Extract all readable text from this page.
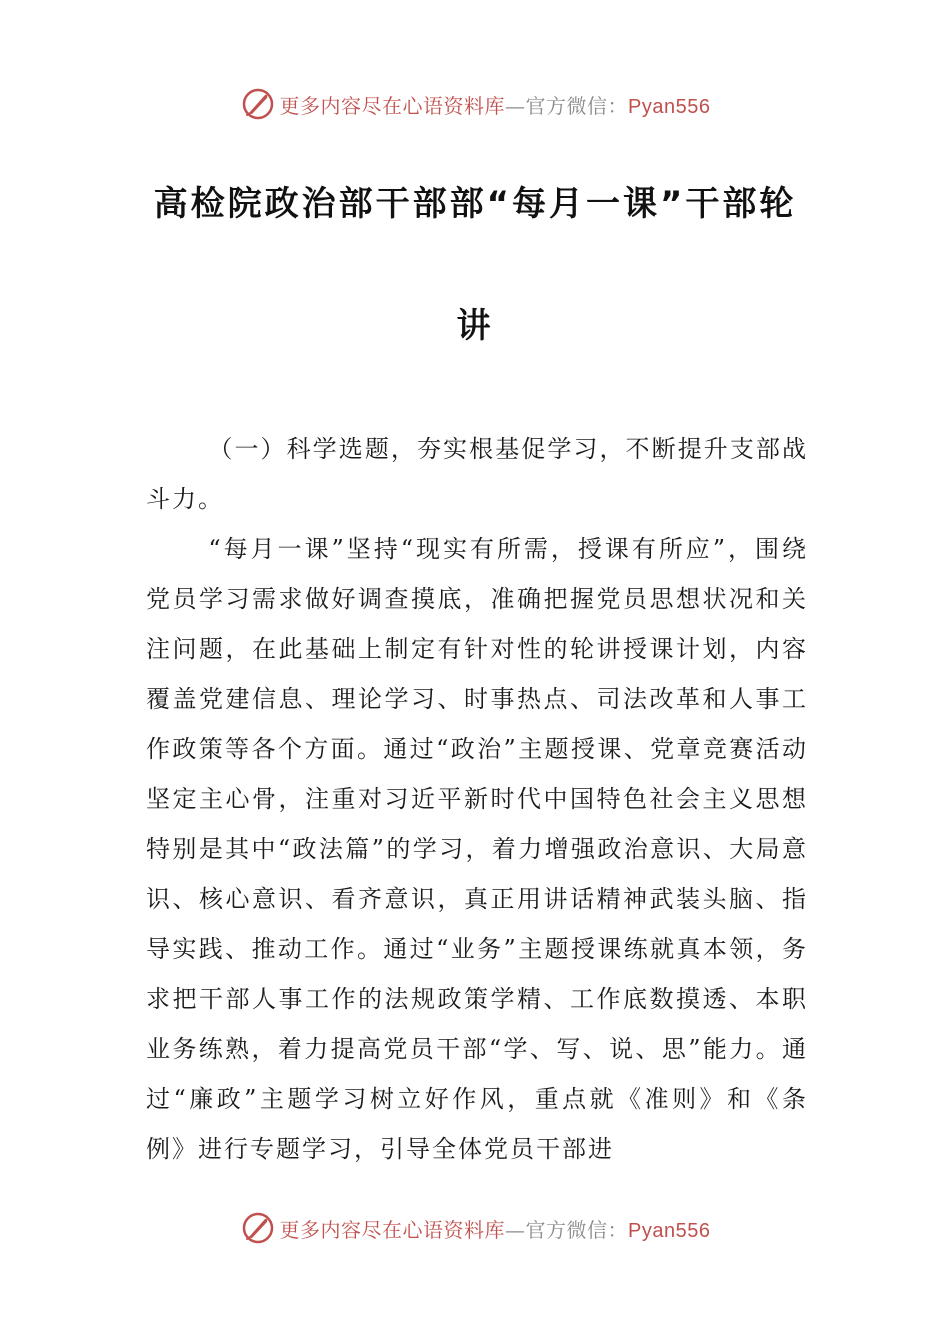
更多内容尽在心语资料库—官方微信：Pyan556
高检院政治部干部部“每月一课”干部轮
讲

（一）科学选题，夯实根基促学习，不断提升支部战斗力。

“每月一课”坚持“现实有所需，授课有所应”，围绕党员学习需求做好调查摸底，准确把握党员思想状况和关注问题，在此基础上制定有针对性的轮讲授课计划，内容覆盖党建信息、理论学习、时事热点、司法改革和人事工作政策等各个方面。通过“政治”主题授课、党章竞赛活动坚定主心骨，注重对习近平新时代中国特色社会主义思想特别是其中“政法篇”的学习，着力增强政治意识、大局意识、核心意识、看齐意识，真正用讲话精神武装头脑、指导实践、推动工作。通过“业务”主题授课练就真本领，务求把干部人事工作的法规政策学精、工作底数摸透、本职业务练熟，着力提高党员干部“学、写、说、思”能力。通过“廉政”主题学习树立好作风，重点就《准则》和《条例》进行专题学习，引导全体党员干部进

更多内容尽在心语资料库—官方微信：Pyan556
